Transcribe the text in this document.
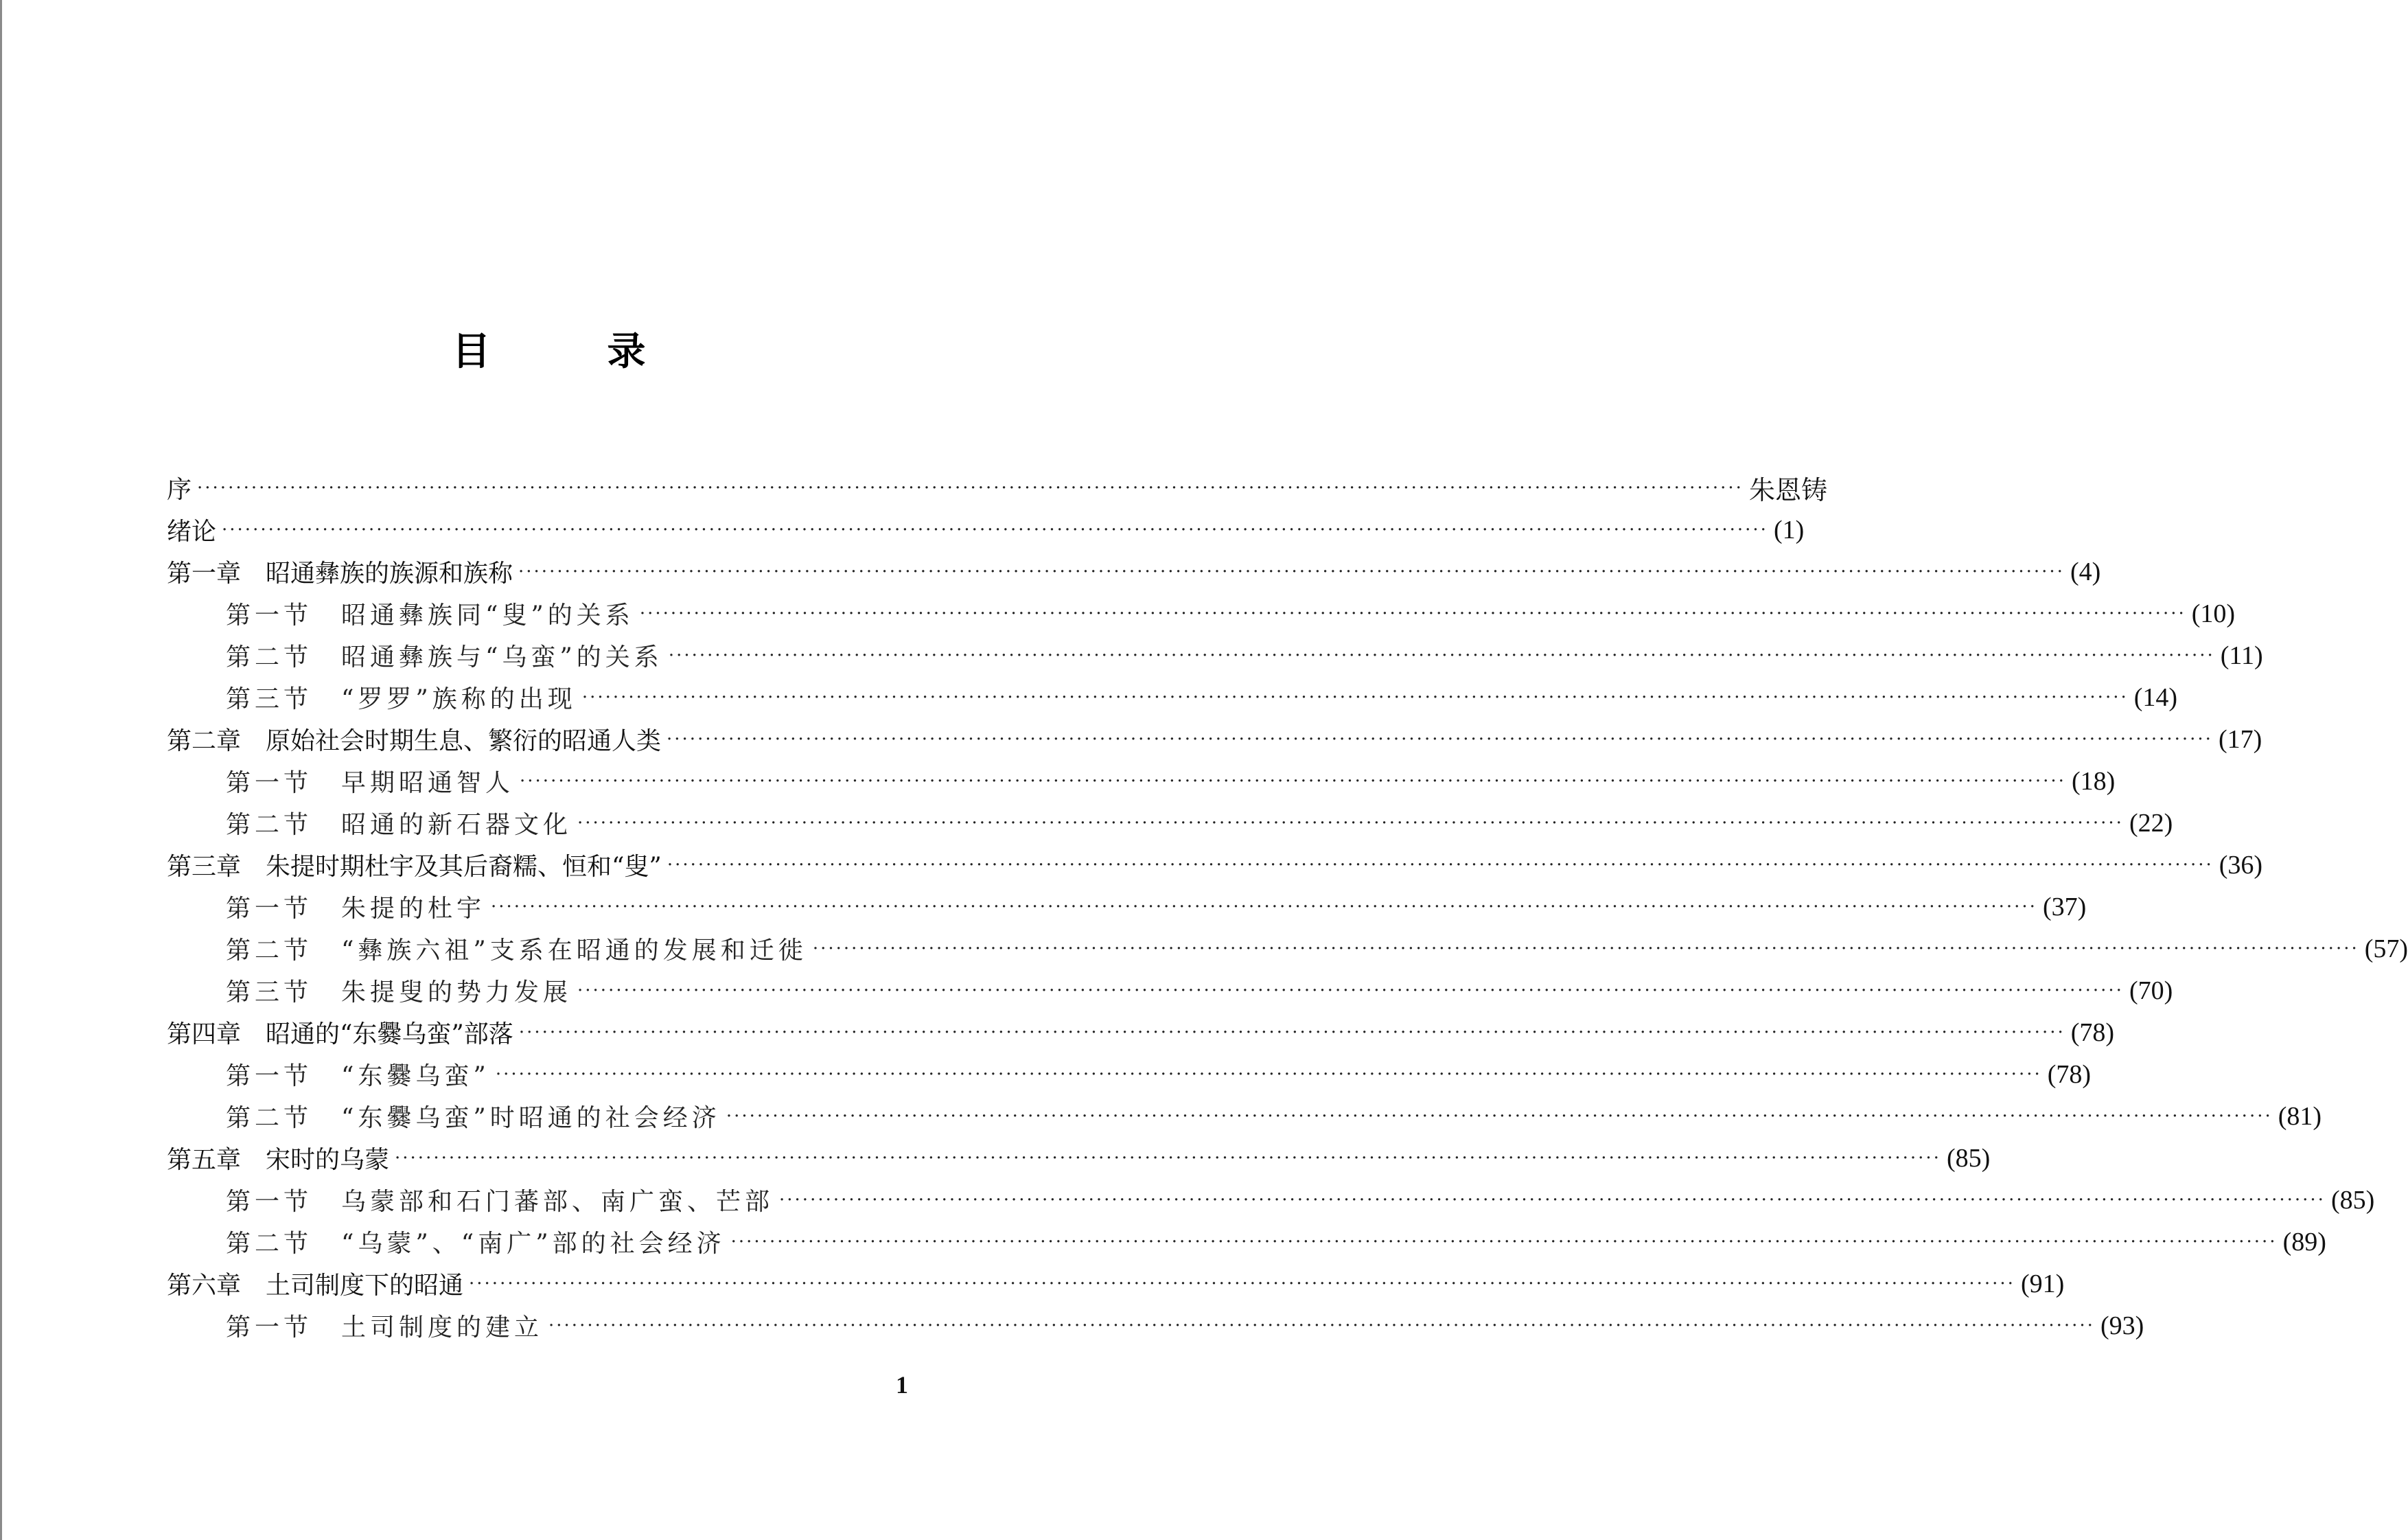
目	录
序 ········································································································································································································ 朱恩铸
绪论 ········································································································································································································ (1)
第一章　昭通彝族的族源和族称 ········································································································································································································ (4)
第一节　昭通彝族同“叟”的关系 ········································································································································································································ (10)
第二节　昭通彝族与“乌蛮”的关系 ········································································································································································································ (11)
第三节　“罗罗”族称的出现 ········································································································································································································ (14)
第二章　原始社会时期生息、繁衍的昭通人类 ········································································································································································································ (17)
第一节　早期昭通智人 ········································································································································································································ (18)
第二节　昭通的新石器文化 ········································································································································································································ (22)
第三章　朱提时期杜宇及其后裔糯、恒和“叟” ········································································································································································································ (36)
第一节　朱提的杜宇 ········································································································································································································ (37)
第二节　“彝族六祖”支系在昭通的发展和迁徙 ········································································································································································································ (57)
第三节　朱提叟的势力发展 ········································································································································································································ (70)
第四章　昭通的“东爨乌蛮”部落 ········································································································································································································ (78)
第一节　“东爨乌蛮” ········································································································································································································ (78)
第二节　“东爨乌蛮”时昭通的社会经济 ········································································································································································································ (81)
第五章　宋时的乌蒙 ········································································································································································································ (85)
第一节　乌蒙部和石门蕃部、南广蛮、芒部 ········································································································································································································ (85)
第二节　“乌蒙”、“南广”部的社会经济 ········································································································································································································ (89)
第六章　土司制度下的昭通 ········································································································································································································ (91)
第一节　土司制度的建立 ········································································································································································································ (93)
1
